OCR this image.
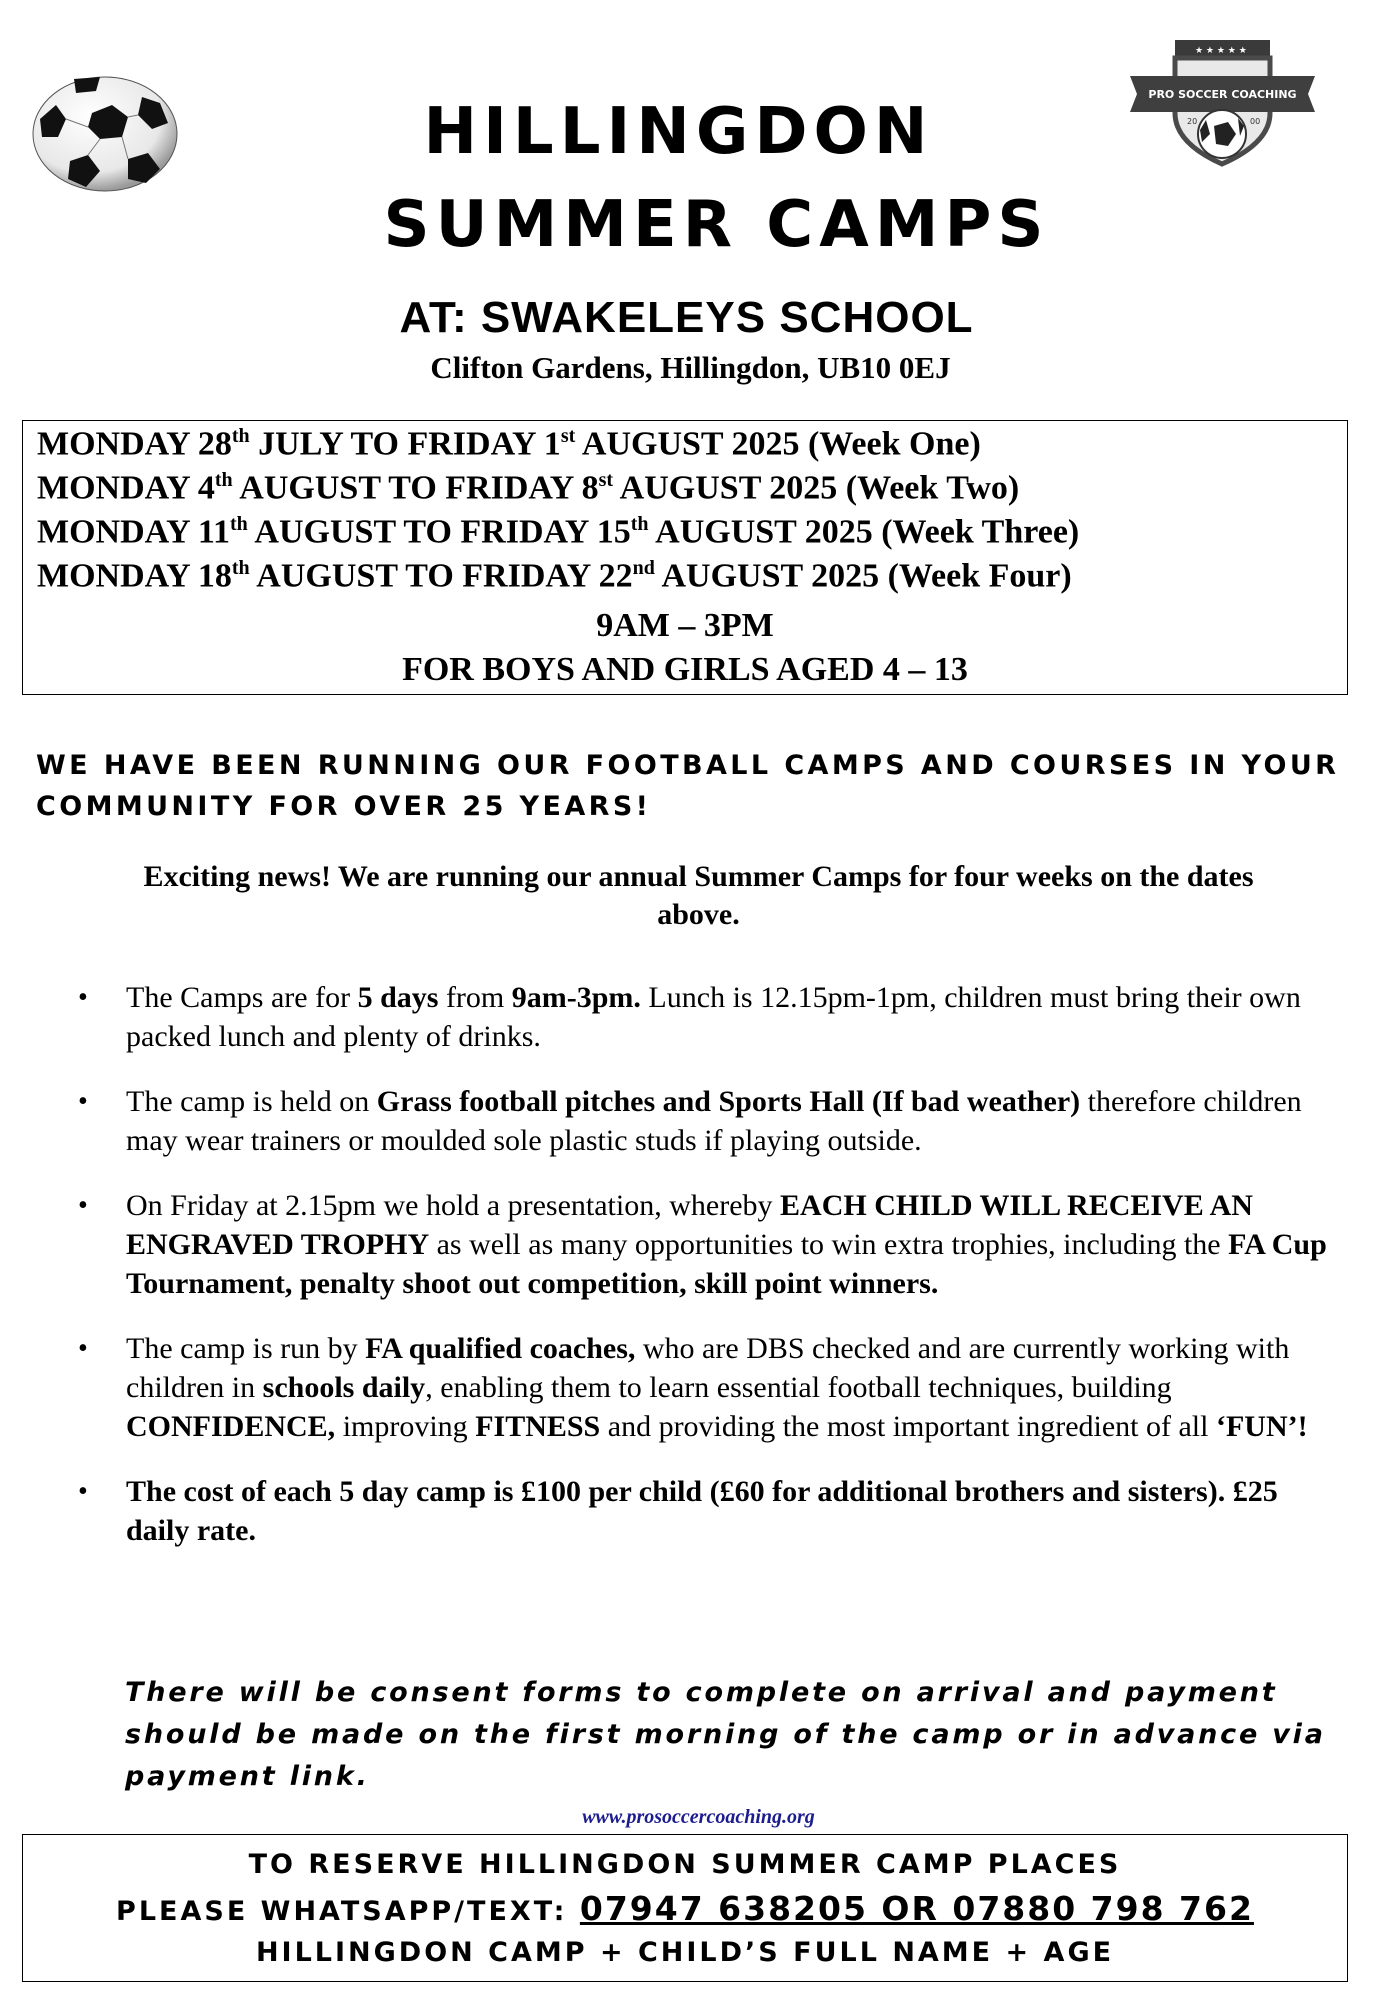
PRO SOCCER COACHING
★ ★ ★ ★ ★
20	00
HILLINGDON
SUMMER CAMPS
AT: SWAKELEYS SCHOOL
Clifton Gardens, Hillingdon, UB10 0EJ
MONDAY 28th JULY TO FRIDAY 1st AUGUST 2025 (Week One)
MONDAY 4th AUGUST TO FRIDAY 8st AUGUST 2025 (Week Two)
MONDAY 11th AUGUST TO FRIDAY 15th AUGUST 2025 (Week Three)
MONDAY 18th AUGUST TO FRIDAY 22nd AUGUST 2025 (Week Four)
9AM – 3PM
FOR BOYS AND GIRLS AGED 4 – 13
WE HAVE BEEN RUNNING OUR FOOTBALL CAMPS AND COURSES IN YOUR COMMUNITY FOR OVER 25 YEARS!
Exciting news! We are running our annual Summer Camps for four weeks on the dates
above.
• The Camps are for 5 days from 9am-3pm. Lunch is 12.15pm-1pm, children must bring their own packed lunch and plenty of drinks.
• The camp is held on Grass football pitches and Sports Hall (If bad weather) therefore children may wear trainers or moulded sole plastic studs if playing outside.
• On Friday at 2.15pm we hold a presentation, whereby EACH CHILD WILL RECEIVE AN ENGRAVED TROPHY as well as many opportunities to win extra trophies, including the FA Cup Tournament, penalty shoot out competition, skill point winners.
• The camp is run by FA qualified coaches, who are DBS checked and are currently working with children in schools daily, enabling them to learn essential football techniques, building CONFIDENCE, improving FITNESS and providing the most important ingredient of all ‘FUN’!
• The cost of each 5 day camp is £100 per child (£60 for additional brothers and sisters). £25 daily rate.
There will be consent forms to complete on arrival and payment should be made on the first morning of the camp or in advance via payment link.
www.prosoccercoaching.org
TO RESERVE HILLINGDON SUMMER CAMP PLACES
PLEASE WHATSAPP/TEXT: 07947 638205 OR 07880 798 762
HILLINGDON CAMP + CHILD’S FULL NAME + AGE
